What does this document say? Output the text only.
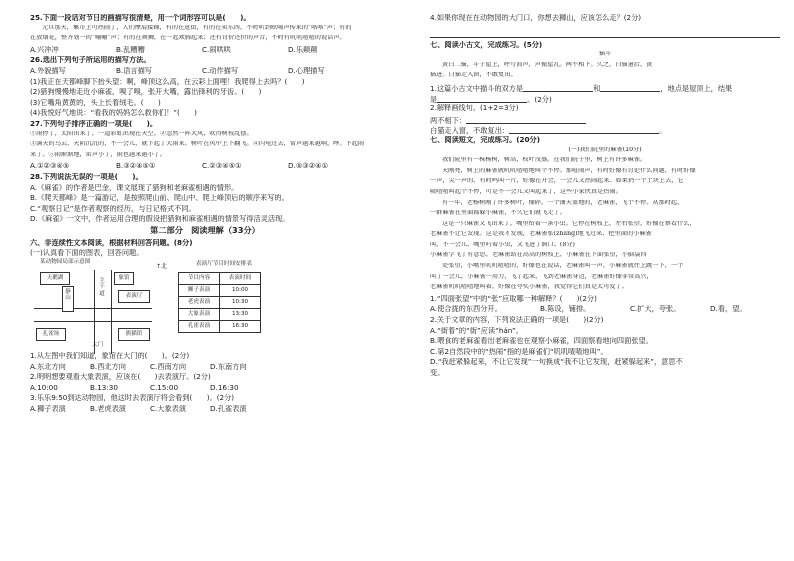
25.下面一段话对节日的画描写很清楚，用一个词形容可以是(　　)。
元旦那天，集市上可热闹了，人们摩肩接踵，有的在逛街，有的在卖东西，不时听到吆喝声传来的“咯咯”声；有的
在放烟花，整齐划一的“嘣嘣”声；有的在舞狮，在一起欢腾起来；还有讨价还价的声音，不时有叽叽喳喳的说话声。
A.兴冲冲	B.乱糟糟	C.闹哄哄	D.乐颠颠
26.选出下列句子所运用的描写方法。
A.外貌描写	B.语言描写	C.动作描写	D.心理描写
(1)我正在天都峰脚下抬头望：啊，峰顶这么高，在云彩上面哩！我爬得上去吗？(　　)
(2)猎狗慢慢地走近小麻雀，嗅了嗅，张开大嘴，露出锋利的牙齿。(　　)
(3)它嘴角黄黄的，头上长着绒毛。(　　)
(4)我悦好气地说：“看我的妈妈怎么救你们！”(　　)
27.下列句子排序正确的一项是(　　)。
①雨停了，太阳出来了，一道彩虹出现在天空。②忽然一阵大风，吹得树枝乱摆。
③满天的乌云，天阴沉沉的，不一会儿，就下起了大雨来。树叶在风中上下翻飞。④闪电过去，雷声越来越响，哗。下起雨
来了。⑤雨渐渐地，雷声小了，雨也越来越小了。
A.①②③④⑤	B.③②④⑤①	C.②③④⑤①	D.⑤③②④①
28.下列说法无误的一项是(　　)。
A.《麻雀》的作者是巴金，课文展现了猎狗和老麻雀相遇的情形。
B.《爬天都峰》是一篇游记，是按照爬山前、爬山中、爬上峰顶后的顺序来写的。
C.“观察日记”是作者观察的经历，与日记格式不同。
D.《麻雀》一文中，作者运用合理的假设把猎狗和麻雀相遇的情景写得活灵活现。
第二部分　阅读理解（33分）
六、非连续性文本阅读，根据材料回答问题。(8分)
(一)认真看下面的图表，回答问题。
某动物园局部示意图
天鹅湖	象馆
表演厅
静山
主干道
孔雀场	熊猫馆
大门
↑北	表演厅节目时间安排表
节目内容	表演时间
狮子表演	10:00
老虎表演	10:30
大象表演	13:30
孔雀表演	16:30
1.从左图中我们知道，象馆在大门的(　　)。(2分)
A.东北方向	B.西北方向	C.西南方向	D.东南方向
2.明明想要观看大象表演，应该在(　　)去表演厅。(2分)
A.10:00	B.13:30	C.15:00	D.16:30
3.乐乐9:50到达动物园，他这时去表演厅将会看到(　　)。(2分)
A.狮子表演	B.老虎表演	C.大象表演	D.孔雀表演
4.如果你现在在动物园的大门口，你想去狮山，应该怎么走？(2分)
七、阅读小古文，完成练习。(5分)
猫斗
黄白二猫，斗于屋上，呼号而声，声振屋瓦。两不相下。久之，白猫退后，黄
猫进。白猫走入窗，不敢复出。
1.这篇小古文中描斗的双方是	和	，地点是屋顶上，结果
是	。(2分)
2.解释画线句。(1+2=3分)
两不相下：
白猫走入窗，不敢复出：	。
七、阅读短文，完成练习。(20分)
(一)我们院里的麻雀(10分)
我们院里有一株杨树，树高，枝叶茂盛。在我们院子里，树上有许多麻雀。
天刚亮，树上的麻雀就叽叽喳喳地叫个不停。那喧闹声，有时好像有讨论什么问题，有时好像
一声，尖一声的，有时鸣叫一片，好像在开会，一会儿又热闹起来。如果扔一个土块上去，它
吸喳喳叫起个不停，可是不一会儿又叫起来了，这些小家伙真是热闹。
有一年，老杨树刚了许多树叶，像碎，一个铺天盖地的，老麻雀，飞个不停。从那时起，
一群麻雀在里面都躲小麻雀，不久它们就飞走了。
这是一只麻雀又飞出来了，嘴里衔着一条小虫。它停在树枝上，左右张望，好像在察看什么，
老麻雀不让它发现。这是我才发现，老麻雀张(zhāng)地飞过来，把里面的小麻雀
叫，不一会儿，嘴里叼着小虫，又飞进了洞口。(8分)
小麻雀学飞了有意思。老麻雀站在高高的树枝上，小麻雀在下面张望，小脑袋四
处张望，小嘴里叽叽喳喳的，好像也在说话，老麻雀叫一声，小麻雀就往上跳一下，一个
叫了一会儿，小麻雀一用力，飞了起来，飞到老麻雀身边，老麻雀好像非常高兴，
老麻雀叽叽喳喳地叫着，好像在夸奖小麻雀，我觉得它们真是太可爱了。
1.“四面张望”中的“张”应取哪一种解释？(　　)(2分)
A.使合拢的东西分开。	B.陈设，铺排。	C.扩大，夸张。	D.看，望。
2.关于文章的内容，下列说法正确的一项是(　　)(2分)
A.“街着”的“街”应读“hán”。
B.喂食的老麻雀看出老麻雀也在观察小麻雀，四面察看地向四面张望。
C.第2自然段中的“热闹”指的是麻雀们“叽叽喳喳地叫”。
D.“我赶紧躲起来，不让它发现”一句换成“我不让它发现，赶紧躲起来”，意思不
变。
